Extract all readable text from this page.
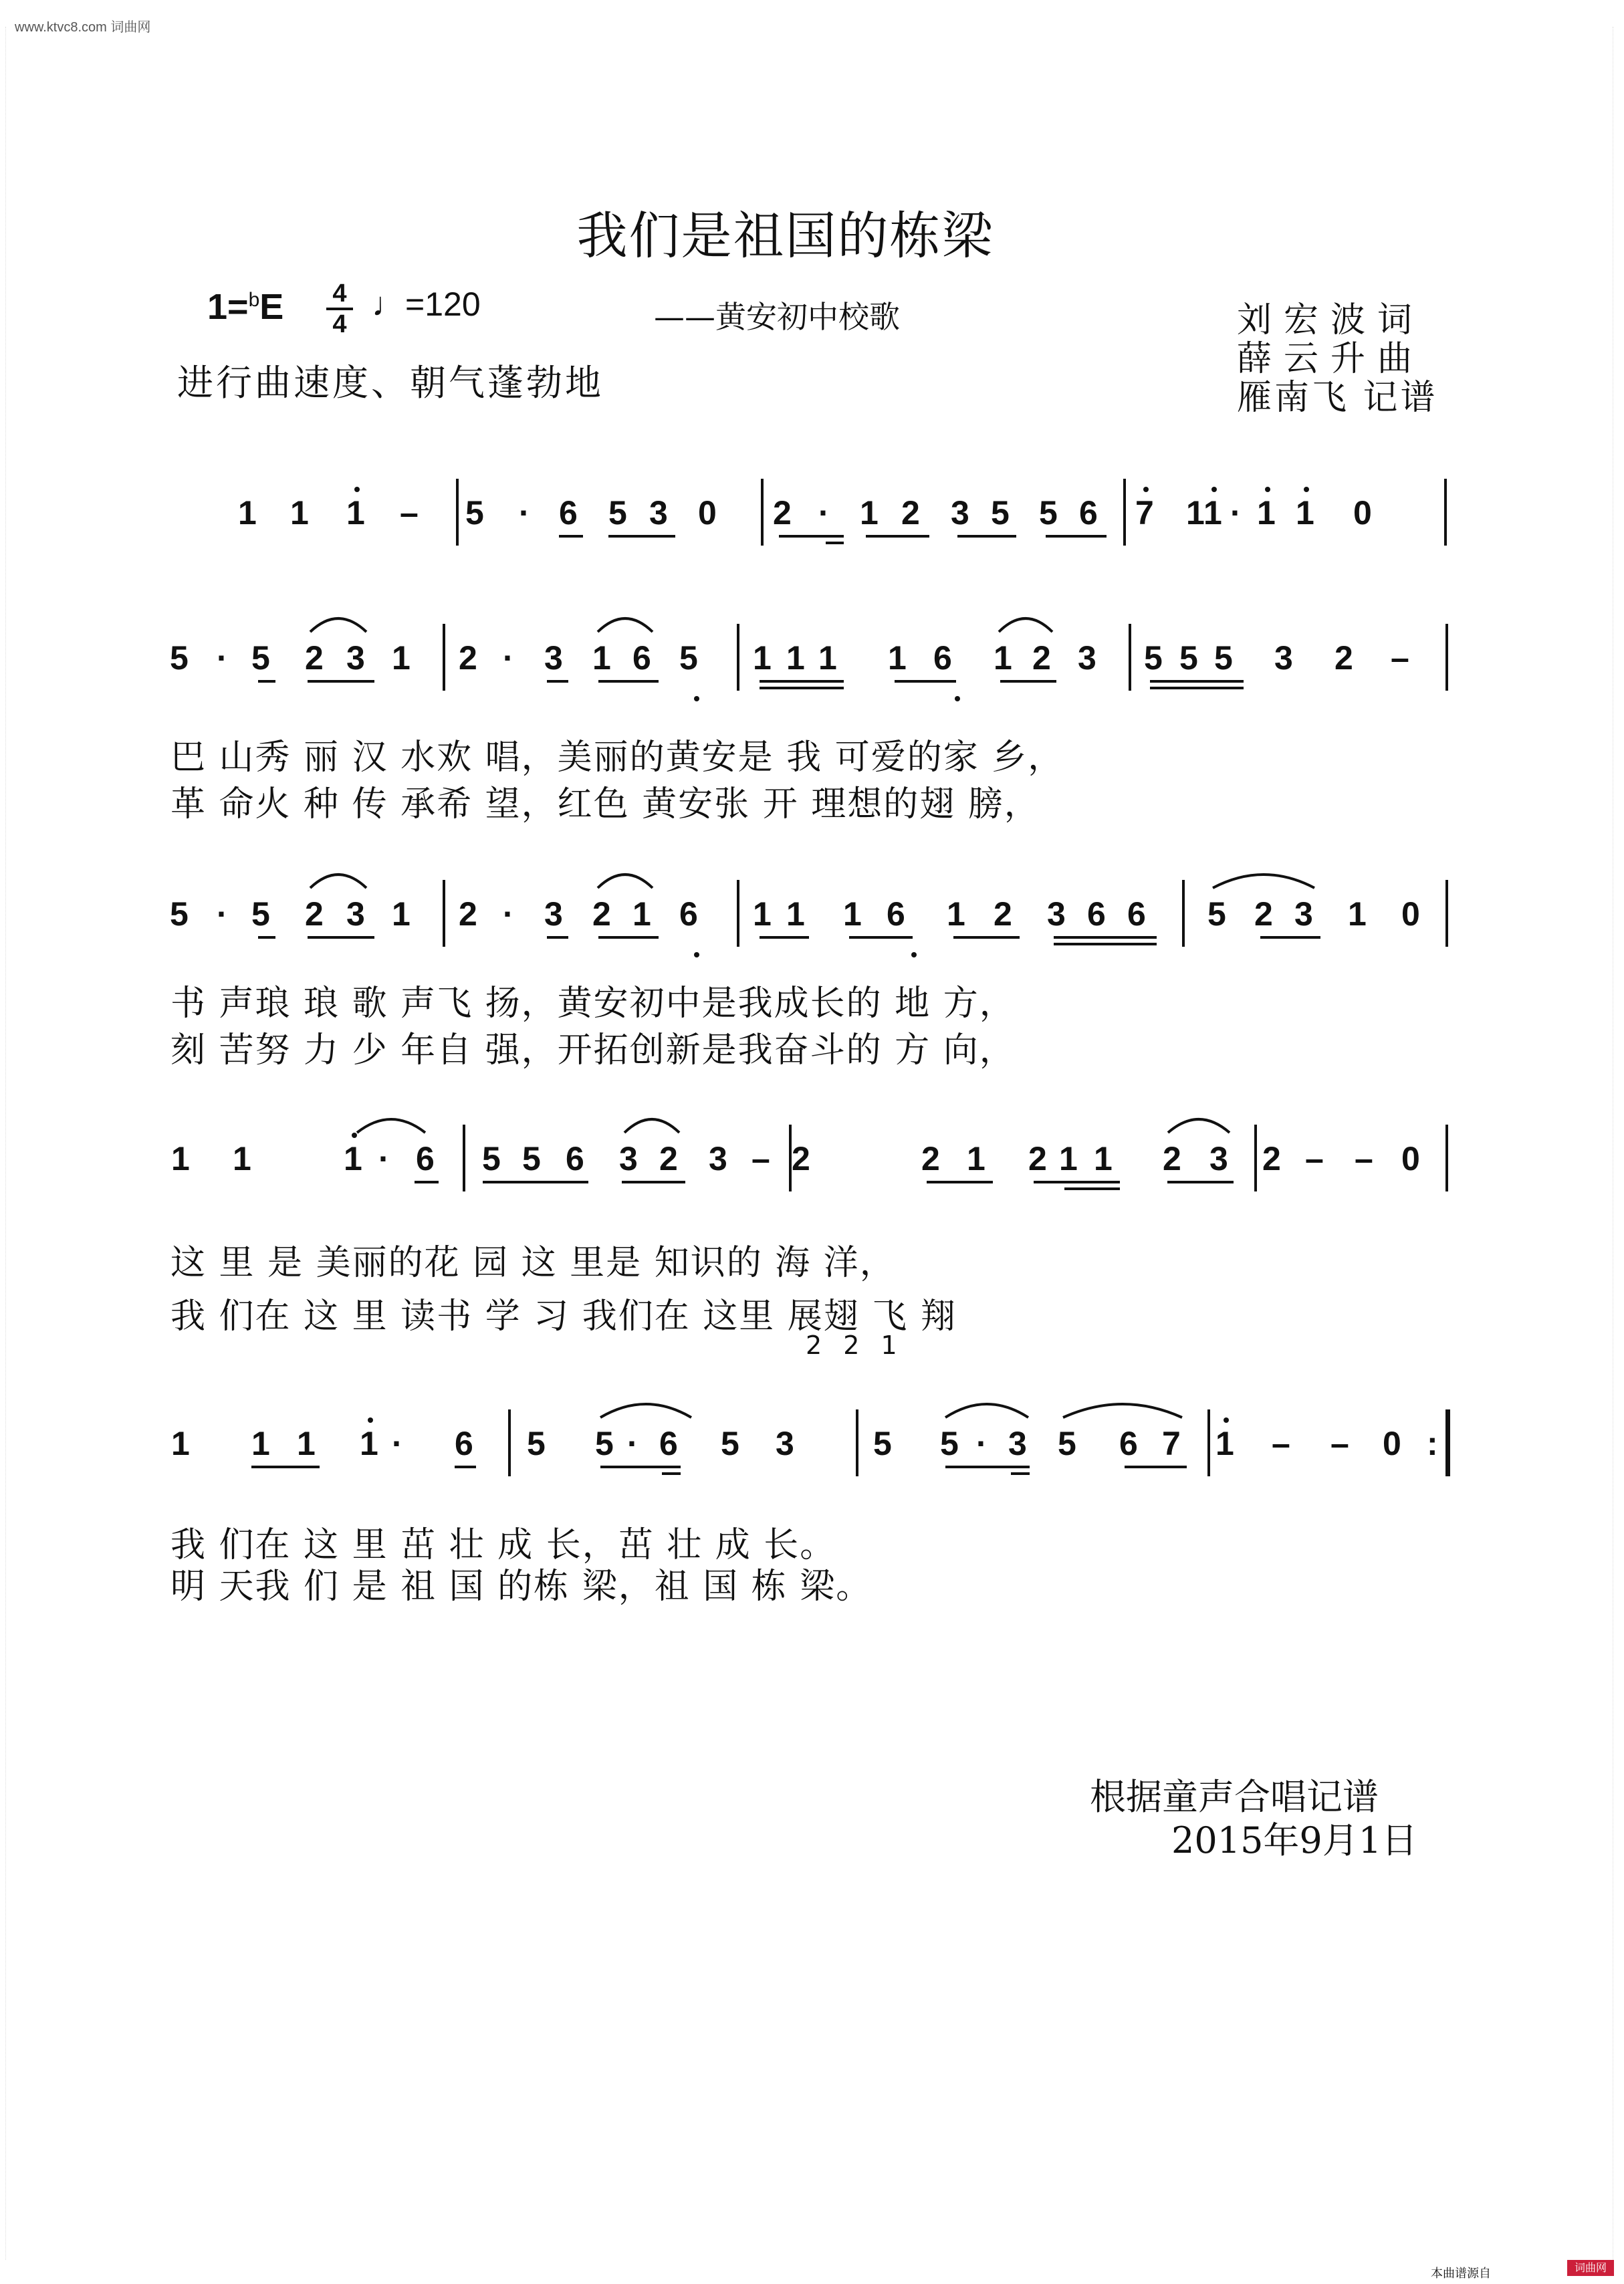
www.ktvc8.com 词曲网
我们是祖国的栋梁
1=$^b$E 4
4
♩=120	——黄安初中校歌
进行曲速度、朝气蓬勃地
刘宏波词
薛云升曲
雁南飞 记谱
1 1 1 – 5 · 6 5 3 0 2 · 1 2 3 5 5 6 7 1
1 · 1 1 0
5 · 5 2 3 1 2 · 3 1 6 5 1 1 1 1 6 1 2 3 5 5 5 3 2 –
巴 山秀 丽 汉 水欢 唱，美丽的黄安是 我 可爱的家 乡，
革 命火 种 传 承希 望，红色 黄安张 开 理想的翅 膀，
5 · 5 2 3 1 2 · 3 2 1 6 1 1 1 6 1 2 3 6 6 5 2 3 1 0
书 声琅 琅 歌 声飞 扬，黄安初中是我成长的 地 方，
刻 苦努 力 少 年自 强，开拓创新是我奋斗的 方 向，
1 1	1 · 6 5 5 6 3 2 3 – 2	2 1 2 1 1 2 3 2 – – 0
这 里 是 美丽的花 园 这 里是 知识的 海 洋，
我 们在 这 里 读书 学 习 我们在 这里 展翅 飞 翔
2 2 1
1 1 1 1 · 6 5 5 · 6 5 3 5 5 · 3 5 6 7 1 – – 0 :
我 们在 这 里 茁 壮 成 长，茁 壮 成 长。
明 天我 们 是 祖 国 的栋 梁，祖 国 栋 梁。
根据童声合唱记谱
2015年9月1日
本曲谱源自	词曲网
